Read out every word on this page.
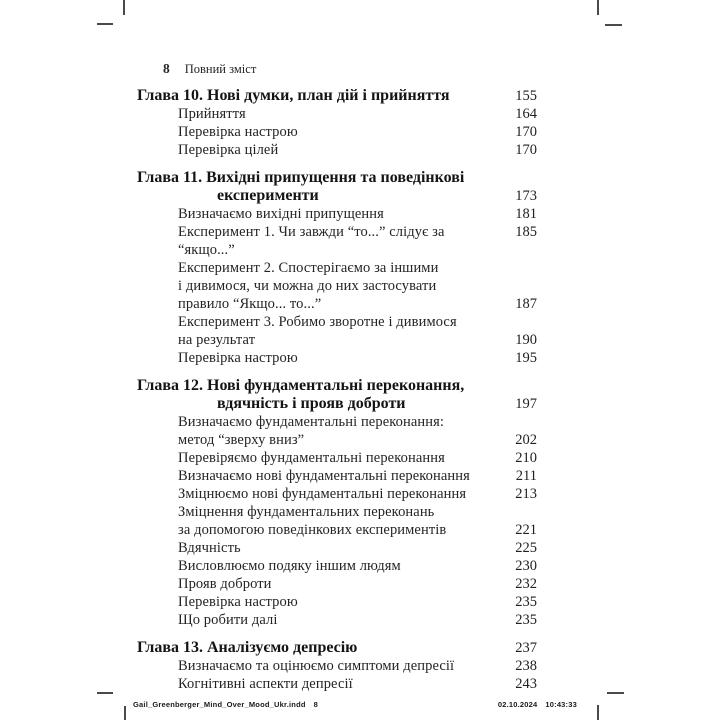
8 Повний зміст
Глава 10. Нові думки, план дій і прийняття	155
Прийняття	164
Перевірка настрою	170
Перевірка цілей	170
Глава 11. Вихідні припущення та поведінкові
експерименти	173
Визначаємо вихідні припущення	181
Експеримент 1. Чи завжди “то...” слідує за “якщо...”
185
Експеримент 2. Спостерігаємо за іншими
і дивимося, чи можна до них застосувати
правило “Якщо... то...”	187
Експеримент 3. Робимо зворотне і дивимося
на результат	190
Перевірка настрою	195
Глава 12. Нові фундаментальні переконання,
вдячність і прояв доброти	197
Визначаємо фундаментальні переконання:
метод “зверху вниз”	202
Перевіряємо фундаментальні переконання	210
Визначаємо нові фундаментальні переконання	211
Зміцнюємо нові фундаментальні переконання	213
Зміцнення фундаментальних переконань
за допомогою поведінкових експериментів	221
Вдячність	225
Висловлюємо подяку іншим людям	230
Прояв доброти	232
Перевірка настрою	235
Що робити далі	235
Глава 13. Аналізуємо депресію	237
Визначаємо та оцінюємо симптоми депресії	238
Когнітивні аспекти депресії	243
Gail_Greenberger_Mind_Over_Mood_Ukr.indd 8	02.10.2024 10:43:33
